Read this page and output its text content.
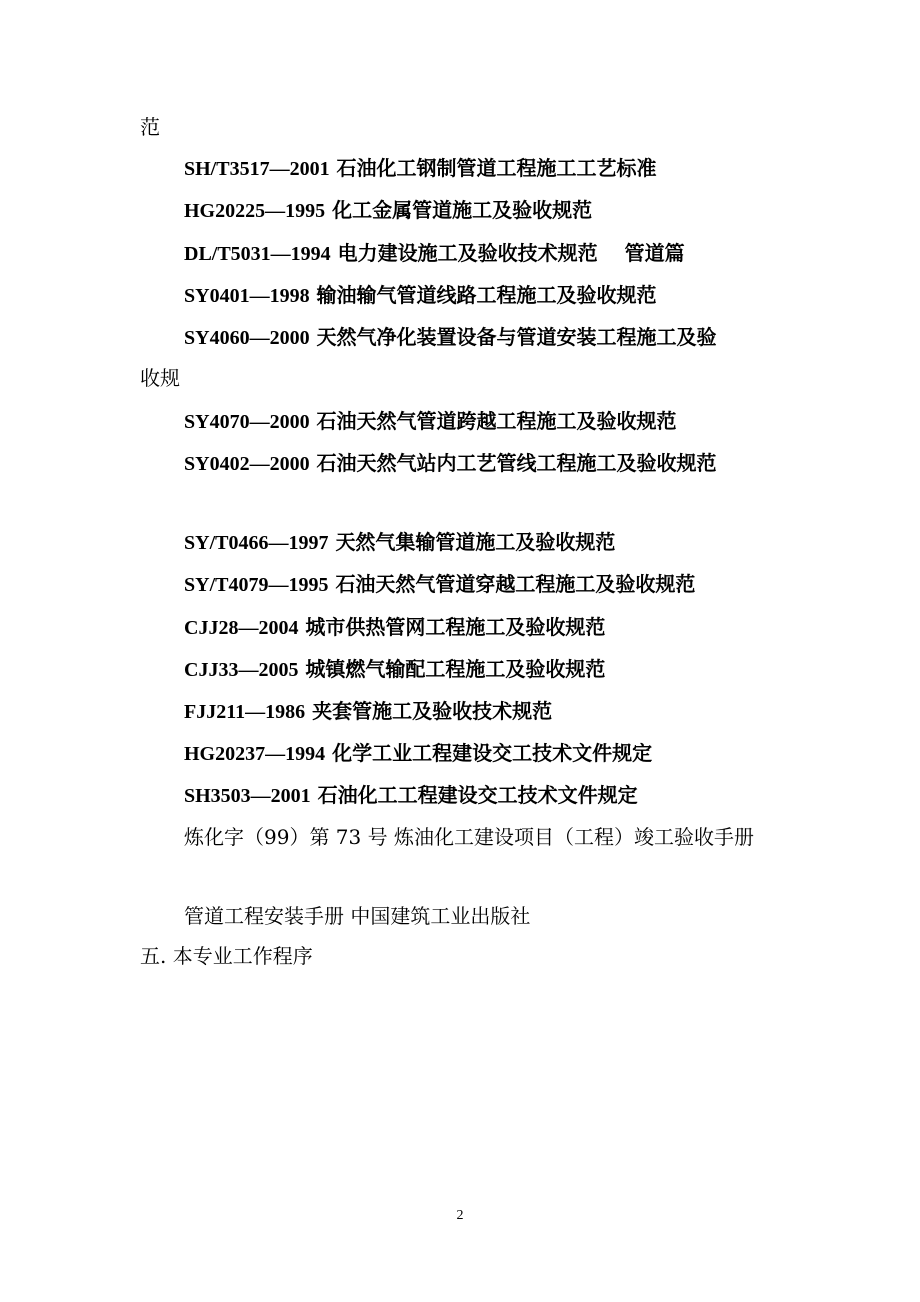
范
SH/T3517—2001 石油化工钢制管道工程施工工艺标准
HG20225—1995 化工金属管道施工及验收规范
DL/T5031—1994 电力建设施工及验收技术规范　 管道篇
SY0401—1998 输油输气管道线路工程施工及验收规范
SY4060—2000 天然气净化装置设备与管道安装工程施工及验
收规
SY4070—2000 石油天然气管道跨越工程施工及验收规范
SY0402—2000 石油天然气站内工艺管线工程施工及验收规范
SY/T0466—1997 天然气集输管道施工及验收规范
SY/T4079—1995 石油天然气管道穿越工程施工及验收规范
CJJ28—2004 城市供热管网工程施工及验收规范
CJJ33—2005 城镇燃气输配工程施工及验收规范
FJJ211—1986 夹套管施工及验收技术规范
HG20237—1994 化学工业工程建设交工技术文件规定
SH3503—2001 石油化工工程建设交工技术文件规定
炼化字（99）第 73 号 炼油化工建设项目（工程）竣工验收手册
管道工程安装手册 中国建筑工业出版社
五. 本专业工作程序
2
